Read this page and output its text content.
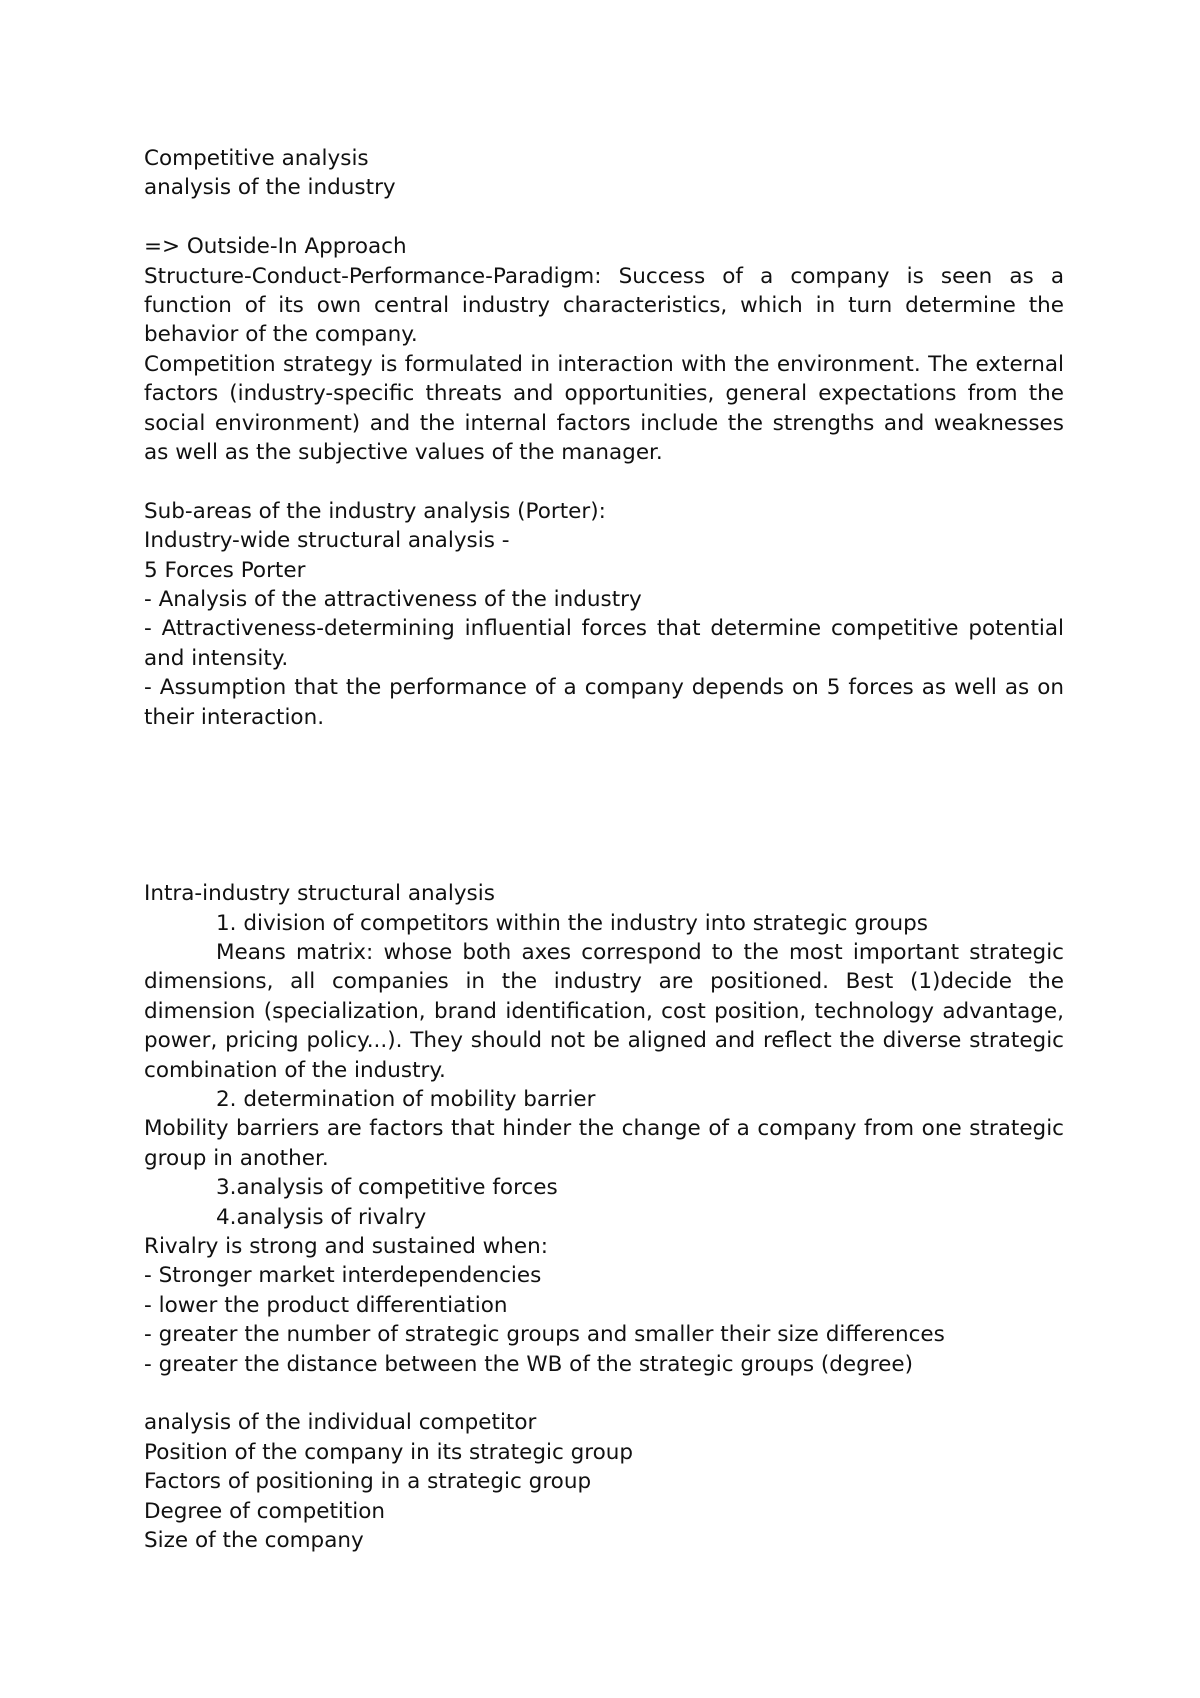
Competitive analysis
analysis of the industry
=> Outside-In Approach

Structure-Conduct-Performance-Paradigm: Success of a company is seen as a function of its own central industry characteristics, which in turn determine the behavior of the company.

Competition strategy is formulated in interaction with the environment. The external factors (industry-specific threats and opportunities, general expectations from the social environment) and the internal factors include the strengths and weaknesses as well as the subjective values of the manager.

Sub-areas of the industry analysis (Porter):
Industry-wide structural analysis -
5 Forces Porter

- Analysis of the attractiveness of the industry

- Attractiveness-determining influential forces that determine competitive potential and intensity.

- Assumption that the performance of a company depends on 5 forces as well as on their interaction.

Intra-industry structural analysis
1. division of competitors within the industry into strategic groups

Means matrix: whose both axes correspond to the most important strategic dimensions, all companies in the industry are positioned. Best (1)decide the dimension (specialization, brand identification, cost position, technology advantage, power, pricing policy...). They should not be aligned and reflect the diverse strategic combination of the industry.

2. determination of mobility barrier

Mobility barriers are factors that hinder the change of a company from one strategic group in another.

3.analysis of competitive forces
4.analysis of rivalry
Rivalry is strong and sustained when:
- Stronger market interdependencies
- lower the product differentiation
- greater the number of strategic groups and smaller their size differences
- greater the distance between the WB of the strategic groups (degree)
analysis of the individual competitor
Position of the company in its strategic group
Factors of positioning in a strategic group
Degree of competition
Size of the company
